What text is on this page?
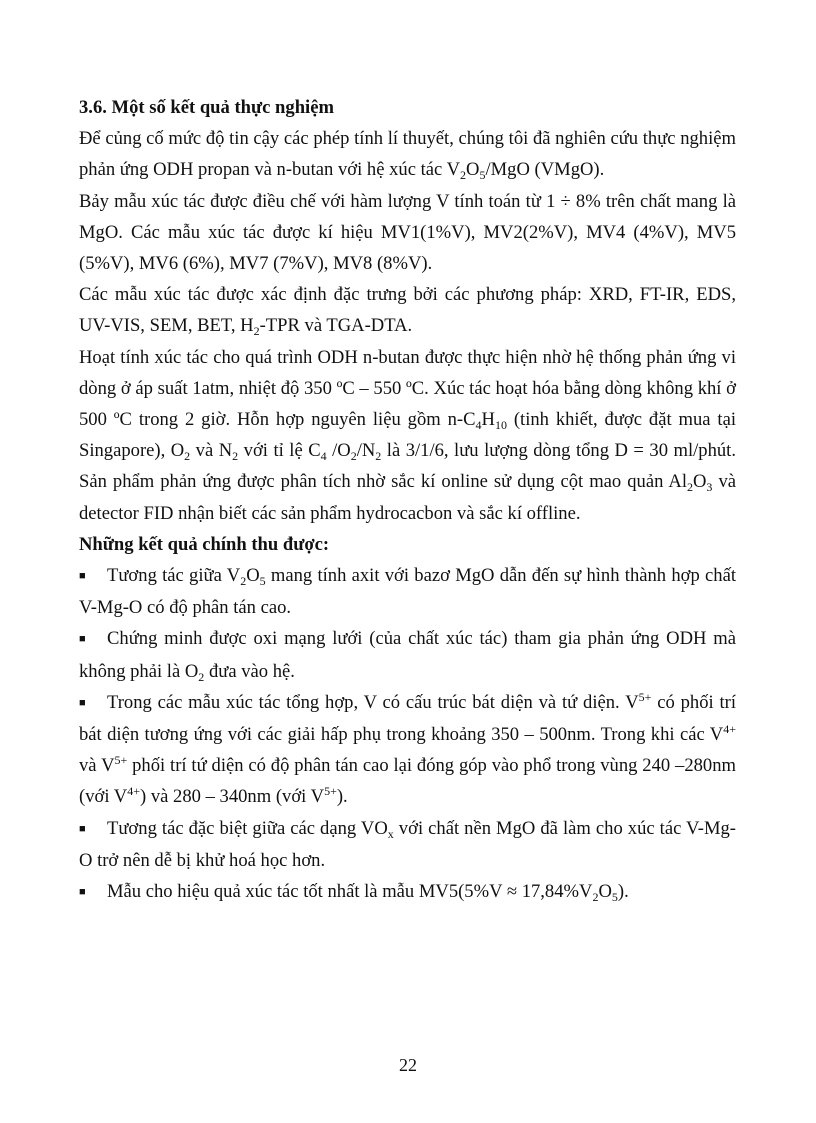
3.6. Một số kết quả thực nghiệm

Để củng cố mức độ tin cậy các phép tính lí thuyết, chúng tôi đã nghiên cứu thực nghiệm phản ứng ODH propan và n-butan với hệ xúc tác $V_2O_5$/MgO (VMgO).

Bảy mẫu xúc tác được điều chế với hàm lượng V tính toán từ 1 ÷ 8% trên chất mang là MgO. Các mẫu xúc tác được kí hiệu MV1(1%V), MV2(2%V), MV4 (4%V), MV5 (5%V), MV6 (6%), MV7 (7%V), MV8 (8%V).

Các mẫu xúc tác được xác định đặc trưng bởi các phương pháp: XRD, FT-IR, EDS, UV-VIS, SEM, BET, $H_2$-TPR và TGA-DTA.

Hoạt tính xúc tác cho quá trình ODH n-butan được thực hiện nhờ hệ thống phản ứng vi dòng ở áp suất 1atm, nhiệt độ 350 ºC – 550 ºC. Xúc tác hoạt hóa bằng dòng không khí ở 500 ºC trong 2 giờ. Hỗn hợp nguyên liệu gồm $n-C_4H_{10}$ (tinh khiết, được đặt mua tại Singapore), $O_2$ và $N_2$ với tỉ lệ $C_4$ $/O_2/N_2$ là 3/1/6, lưu lượng dòng tổng D = 30 ml/phút. Sản phẩm phản ứng được phân tích nhờ sắc kí online sử dụng cột mao quản $Al_2O_3$ và detector FID nhận biết các sản phẩm hydrocacbon và sắc kí offline.

Những kết quả chính thu được:

■ Tương tác giữa $V_2O_5$ mang tính axit với bazơ MgO dẫn đến sự hình thành hợp chất V-Mg-O có độ phân tán cao.

■ Chứng minh được oxi mạng lưới (của chất xúc tác) tham gia phản ứng ODH mà không phải là $O_2$ đưa vào hệ.

■ Trong các mẫu xúc tác tổng hợp, V có cấu trúc bát diện và tứ diện. $V^{5+}$ có phối trí bát diện tương ứng với các giải hấp phụ trong khoảng 350 – 500nm. Trong khi các $V^{4+}$ và $V^{5+}$ phối trí tứ diện có độ phân tán cao lại đóng góp vào phổ trong vùng 240 –280nm (với $V^{4+}$) và 280 – 340nm (với $V^{5+}$).

■ Tương tác đặc biệt giữa các dạng $VO_x$ với chất nền MgO đã làm cho xúc tác V-Mg-O trở nên dễ bị khử hoá học hơn.

■ Mẫu cho hiệu quả xúc tác tốt nhất là mẫu $MV5(5\%V \approx 17,84\%V_2O_5)$.

22
